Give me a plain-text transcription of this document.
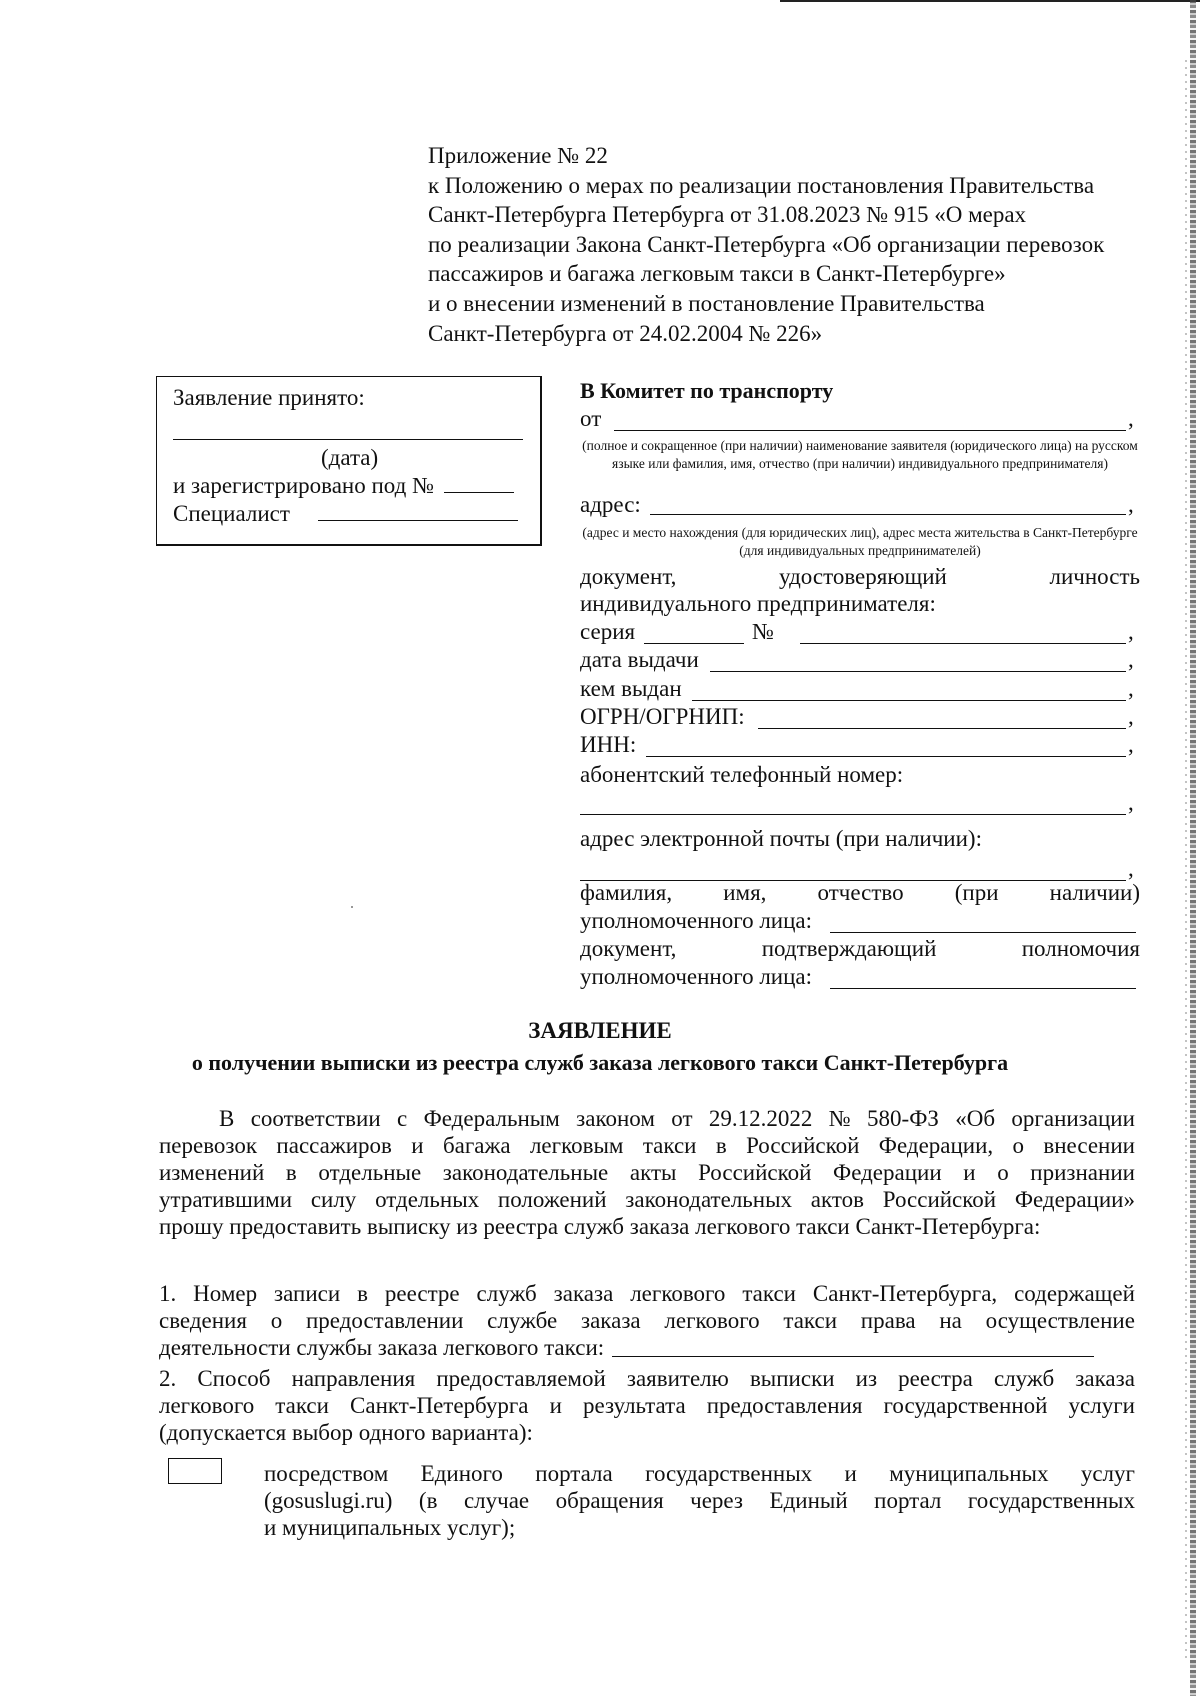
Приложение № 22
к Положению о мерах по реализации постановления Правительства
Санкт-Петербурга Петербурга от 31.08.2023 № 915 «О мерах
по реализации Закона Санкт-Петербурга «Об организации перевозок
пассажиров и багажа легковым такси в Санкт-Петербурге»
и о внесении изменений в постановление Правительства
Санкт-Петербурга от 24.02.2004 № 226»
Заявление принято:
(дата)
и зарегистрировано под №
Специалист
В Комитет по транспорту
от	,
(полное и сокращенное (при наличии) наименование заявителя (юридического лица) на русском языке или фамилия, имя, отчество (при наличии) индивидуального предпринимателя)
адрес:	,
(адрес и место нахождения (для юридических лиц), адрес места жительства в Санкт-Петербурге (для индивидуальных предпринимателей)
документ,	удостоверяющий	личность
индивидуального предпринимателя:
серия	№	,
дата выдачи	,
кем выдан	,
ОГРН/ОГРНИП:	,
ИНН:	,
абонентский телефонный номер:
,
адрес электронной почты (при наличии):
,
фамилия, имя, отчество (при наличии)
уполномоченного лица:
документ,	подтверждающий	полномочия
уполномоченного лица:
ЗАЯВЛЕНИЕ
о получении выписки из реестра служб заказа легкового такси Санкт-Петербурга
В соответствии с Федеральным законом от 29.12.2022 № 580-ФЗ «Об организации
перевозок пассажиров и багажа легковым такси в Российской Федерации, о внесении
изменений в отдельные законодательные акты Российской Федерации и о признании
утратившими силу отдельных положений законодательных актов Российской Федерации»
прошу предоставить выписку из реестра служб заказа легкового такси Санкт-Петербурга:
1. Номер записи в реестре служб заказа легкового такси Санкт-Петербурга, содержащей
сведения о предоставлении службе заказа легкового такси права на осуществление
деятельности службы заказа легкового такси:
2. Способ направления предоставляемой заявителю выписки из реестра служб заказа
легкового такси Санкт-Петербурга и результата предоставления государственной услуги
(допускается выбор одного варианта):
посредством Единого портала государственных и муниципальных услуг
(gosuslugi.ru) (в случае обращения через Единый портал государственных
и муниципальных услуг);
